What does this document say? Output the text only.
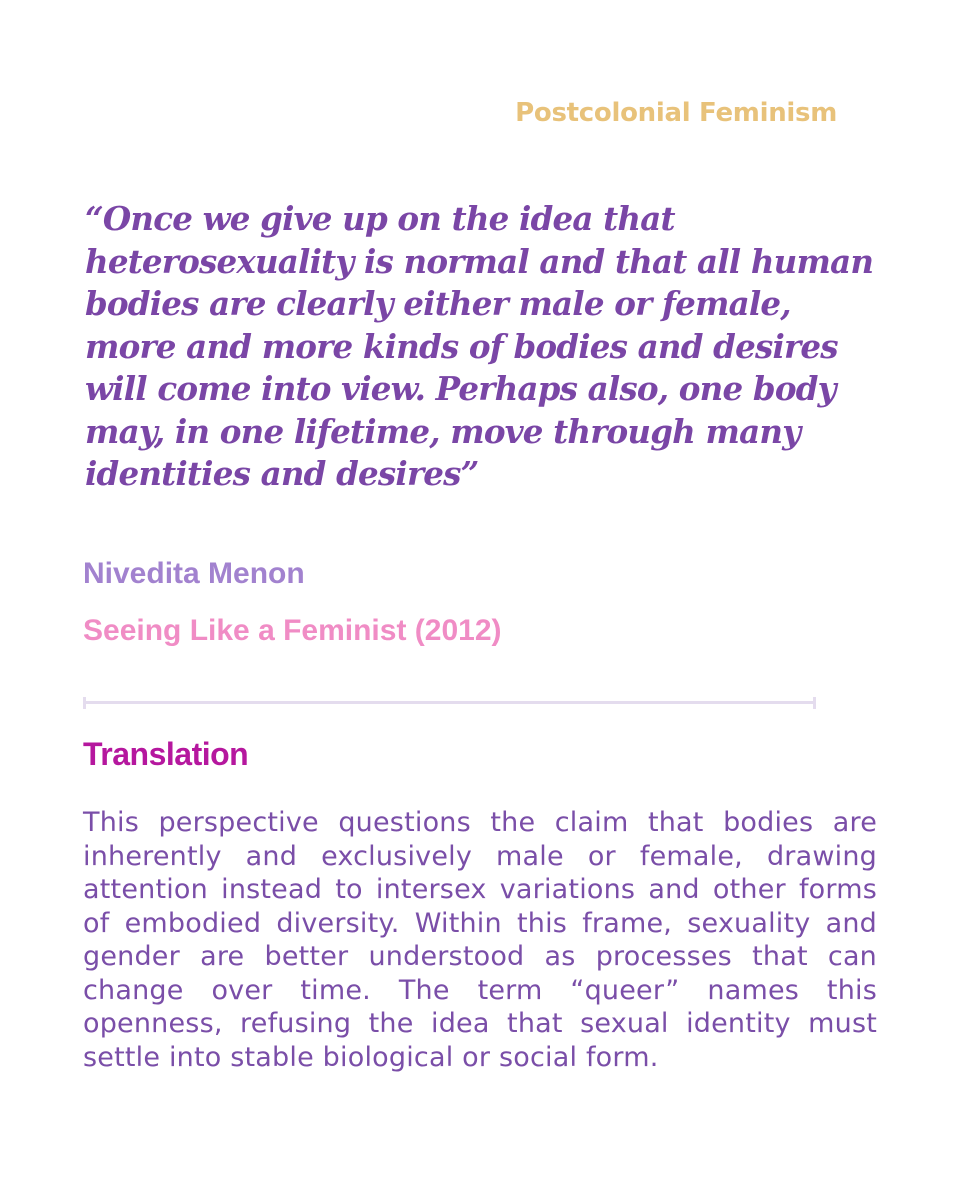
Postcolonial Feminism

“Once we give up on the idea that heterosexuality is normal and that all human bodies are clearly either male or female, more and more kinds of bodies and desires will come into view. Perhaps also, one body may, in one lifetime, move through many identities and desires”

Nivedita Menon
Seeing Like a Feminist (2012)
Translation

This perspective questions the claim that bodies are inherently and exclusively male or female, drawing attention instead to intersex variations and other forms of embodied diversity. Within this frame, sexuality and gender are better understood as processes that can change over time. The term “queer” names this openness, refusing the idea that sexual identity must settle into stable biological or social form.
